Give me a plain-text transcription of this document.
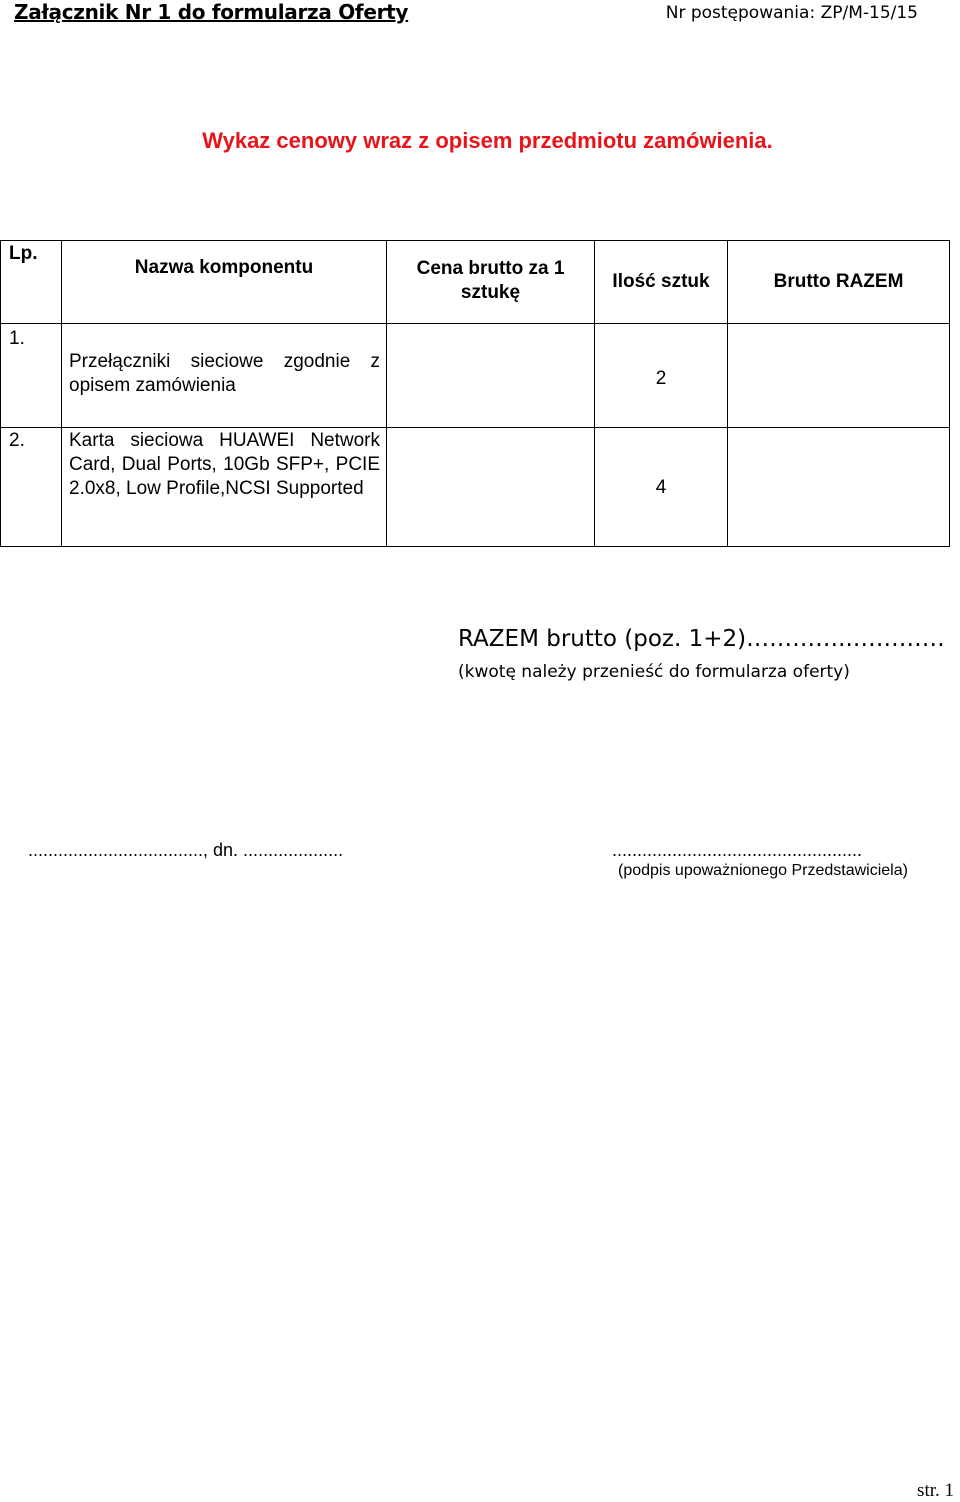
Załącznik Nr 1 do formularza Oferty	Nr postępowania: ZP/M-15/15
Wykaz cenowy wraz z opisem przedmiotu zamówienia.
Lp.	Nazwa komponentu	Cena brutto za 1 sztukę	Ilość sztuk	Brutto RAZEM

1.	Przełączniki sieciowe zgodnie z opisem zamówienia		2	

2.	Karta sieciowa HUAWEI Network Card, Dual Ports, 10Gb SFP+, PCIE 2.0x8, Low Profile,NCSI Supported		4	
RAZEM brutto (poz. 1+2)…………..…………
(kwotę należy przenieść do formularza oferty)
..................................., dn. ....................	..................................................
(podpis upoważnionego Przedstawiciela)
str. 1
